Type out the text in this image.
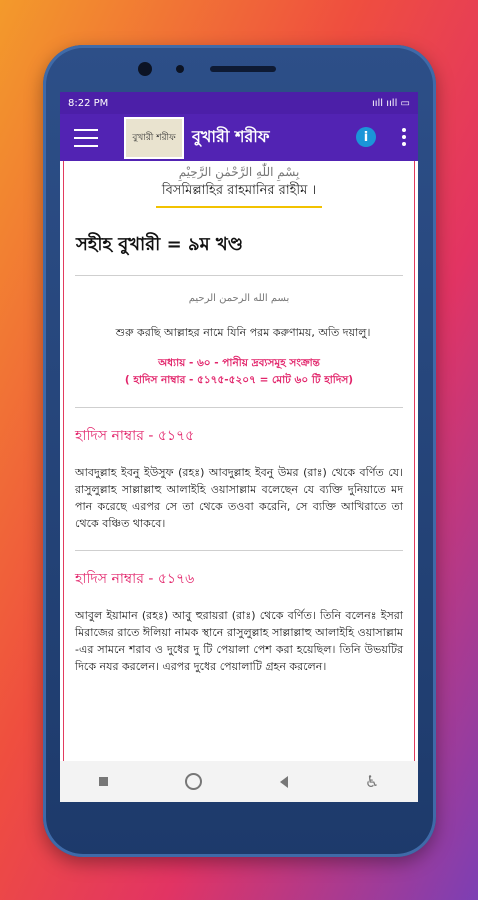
8:22 PM	ııll ııll ▭
বুখারী শরীফ বুখারী শরীফ	i
بِسْمِ اللّٰهِ الرَّحْمٰنِ الرَّحِيْمِ
বিসমিল্লাহির রাহমানির রাহীম ।
সহীহ বুখারী = ৯ম খণ্ড
بسم الله الرحمن الرحيم
শুরু করছি আল্লাহর নামে যিনি পরম করুণাময়, অতি দয়ালু।
অধ্যায় - ৬০ - পানীয় দ্রব্যসমূহ সংক্রান্ত
( হাদিস নাম্বার - ৫১৭৫-৫২০৭ = মোট ৬০ টি হাদিস)
হাদিস নাম্বার - ৫১৭৫
আবদুল্লাহ ইবনু ইউসুফ (রহঃ) আবদুল্লাহ ইবনু উমর (রাঃ) থেকে বর্ণিত যে। রাসুলুল্লাহ সাল্লাল্লাহু আলাইহি ওয়াসাল্লাম বলেছেন যে ব্যক্তি দুনিয়াতে মদ পান করেছে এরপর সে তা থেকে তওবা করেনি, সে ব্যক্তি আখিরাতে তা থেকে বঞ্চিত থাকবে।
হাদিস নাম্বার - ৫১৭৬
আবুল ইয়ামান (রহঃ) আবু হুরায়রা (রাঃ) থেকে বর্ণিত। তিনি বলেনঃ ইসরা মিরাজের রাতে ঈলিয়া নামক স্থানে রাসুলুল্লাহ সাল্লাল্লাহু আলাইহি ওয়াসাল্লাম -এর সামনে শরাব ও দুধের দু টি পেয়ালা পেশ করা হয়েছিল। তিনি উভয়টির দিকে নযর করলেন। এরপর দুধের পেয়ালাটি গ্রহন করলেন।
♿
